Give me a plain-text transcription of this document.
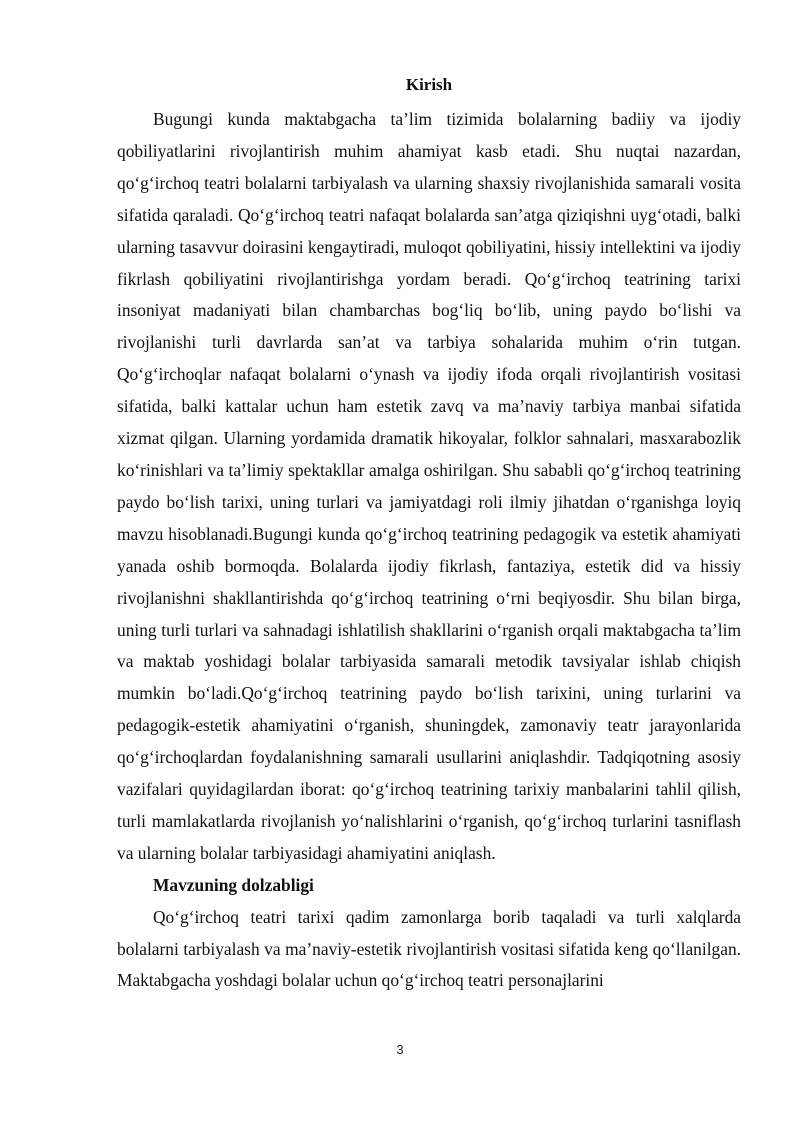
Kirish

Bugungi kunda maktabgacha ta’lim tizimida bolalarning badiiy va ijodiy qobiliyatlarini rivojlantirish muhim ahamiyat kasb etadi. Shu nuqtai nazardan, qo‘g‘irchoq teatri bolalarni tarbiyalash va ularning shaxsiy rivojlanishida samarali vosita sifatida qaraladi. Qo‘g‘irchoq teatri nafaqat bolalarda san’atga qiziqishni uyg‘otadi, balki ularning tasavvur doirasini kengaytiradi, muloqot qobiliyatini, hissiy intellektini va ijodiy fikrlash qobiliyatini rivojlantirishga yordam beradi. Qo‘g‘irchoq teatrining tarixi insoniyat madaniyati bilan chambarchas bog‘liq bo‘lib, uning paydo bo‘lishi va rivojlanishi turli davrlarda san’at va tarbiya sohalarida muhim o‘rin tutgan. Qo‘g‘irchoqlar nafaqat bolalarni o‘ynash va ijodiy ifoda orqali rivojlantirish vositasi sifatida, balki kattalar uchun ham estetik zavq va ma’naviy tarbiya manbai sifatida xizmat qilgan. Ularning yordamida dramatik hikoyalar, folklor sahnalari, masxarabozlik ko‘rinishlari va ta’limiy spektakllar amalga oshirilgan. Shu sababli qo‘g‘irchoq teatrining paydo bo‘lish tarixi, uning turlari va jamiyatdagi roli ilmiy jihatdan o‘rganishga loyiq mavzu hisoblanadi.Bugungi kunda qo‘g‘irchoq teatrining pedagogik va estetik ahamiyati yanada oshib bormoqda. Bolalarda ijodiy fikrlash, fantaziya, estetik did va hissiy rivojlanishni shakllantirishda qo‘g‘irchoq teatrining o‘rni beqiyosdir. Shu bilan birga, uning turli turlari va sahnadagi ishlatilish shakllarini o‘rganish orqali maktabgacha ta’lim va maktab yoshidagi bolalar tarbiyasida samarali metodik tavsiyalar ishlab chiqish mumkin bo‘ladi.Qo‘g‘irchoq teatrining paydo bo‘lish tarixini, uning turlarini va pedagogik-estetik ahamiyatini o‘rganish, shuningdek, zamonaviy teatr jarayonlarida qo‘g‘irchoqlardan foydalanishning samarali usullarini aniqlashdir. Tadqiqotning asosiy vazifalari quyidagilardan iborat: qo‘g‘irchoq teatrining tarixiy manbalarini tahlil qilish, turli mamlakatlarda rivojlanish yo‘nalishlarini o‘rganish, qo‘g‘irchoq turlarini tasniflash va ularning bolalar tarbiyasidagi ahamiyatini aniqlash.

Mavzuning dolzabligi

Qo‘g‘irchoq teatri tarixi qadim zamonlarga borib taqaladi va turli xalqlarda bolalarni tarbiyalash va ma’naviy-estetik rivojlantirish vositasi sifatida keng qo‘llanilgan. Maktabgacha yoshdagi bolalar uchun qo‘g‘irchoq teatri personajlarini

3
